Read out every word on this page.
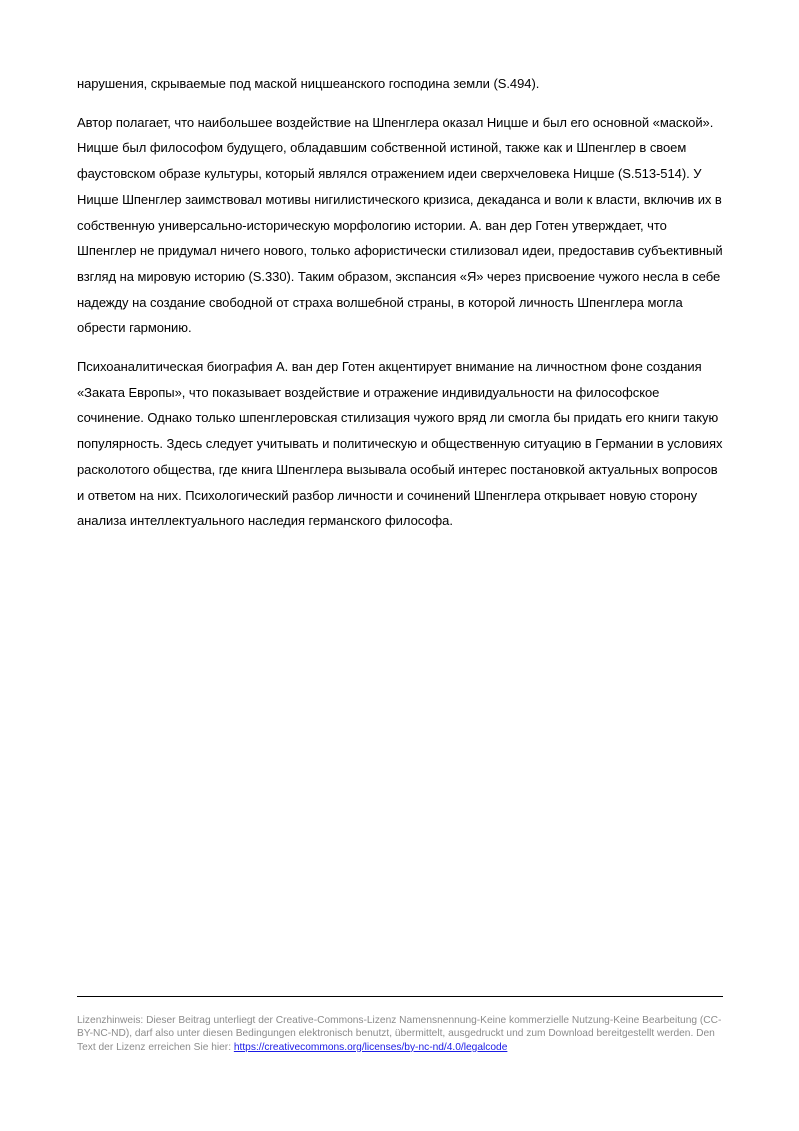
нарушения, скрываемые под маской ницшеанского господина земли (S.494).

Автор полагает, что наибольшее воздействие на Шпенглера оказал Ницше и был его основной «маской». Ницше был философом будущего, обладавшим собственной истиной, также как и Шпенглер в своем фаустовском образе культуры, который являлся отражением идеи сверхчеловека Ницше (S.513-514). У Ницше Шпенглер заимствовал мотивы нигилистического кризиса, декаданса и воли к власти, включив их в собственную универсально-историческую морфологию истории. А. ван дер Готен утверждает, что Шпенглер не придумал ничего нового, только афористически стилизовал идеи, предоставив субъективный взгляд на мировую историю (S.330). Таким образом, экспансия «Я» через присвоение чужого несла в себе надежду на создание свободной от страха волшебной страны, в которой личность Шпенглера могла обрести гармонию.

Психоаналитическая биография А. ван дер Готен акцентирует внимание на личностном фоне создания «Заката Европы», что показывает воздействие и отражение индивидуальности на философское сочинение. Однако только шпенглеровская стилизация чужого вряд ли смогла бы придать его книги такую популярность. Здесь следует учитывать и политическую и общественную ситуацию в Германии в условиях расколотого общества, где книга Шпенглера вызывала особый интерес постановкой актуальных вопросов и ответом на них. Психологический разбор личности и сочинений Шпенглера открывает новую сторону анализа интеллектуального наследия германского философа.

Lizenzhinweis: Dieser Beitrag unterliegt der Creative-Commons-Lizenz Namensnennung-Keine kommerzielle Nutzung-Keine Bearbeitung (CC-BY-NC-ND), darf also unter diesen Bedingungen elektronisch benutzt, übermittelt, ausgedruckt und zum Download bereitgestellt werden. Den Text der Lizenz erreichen Sie hier: https://creativecommons.org/licenses/by-nc-nd/4.0/legalcode
